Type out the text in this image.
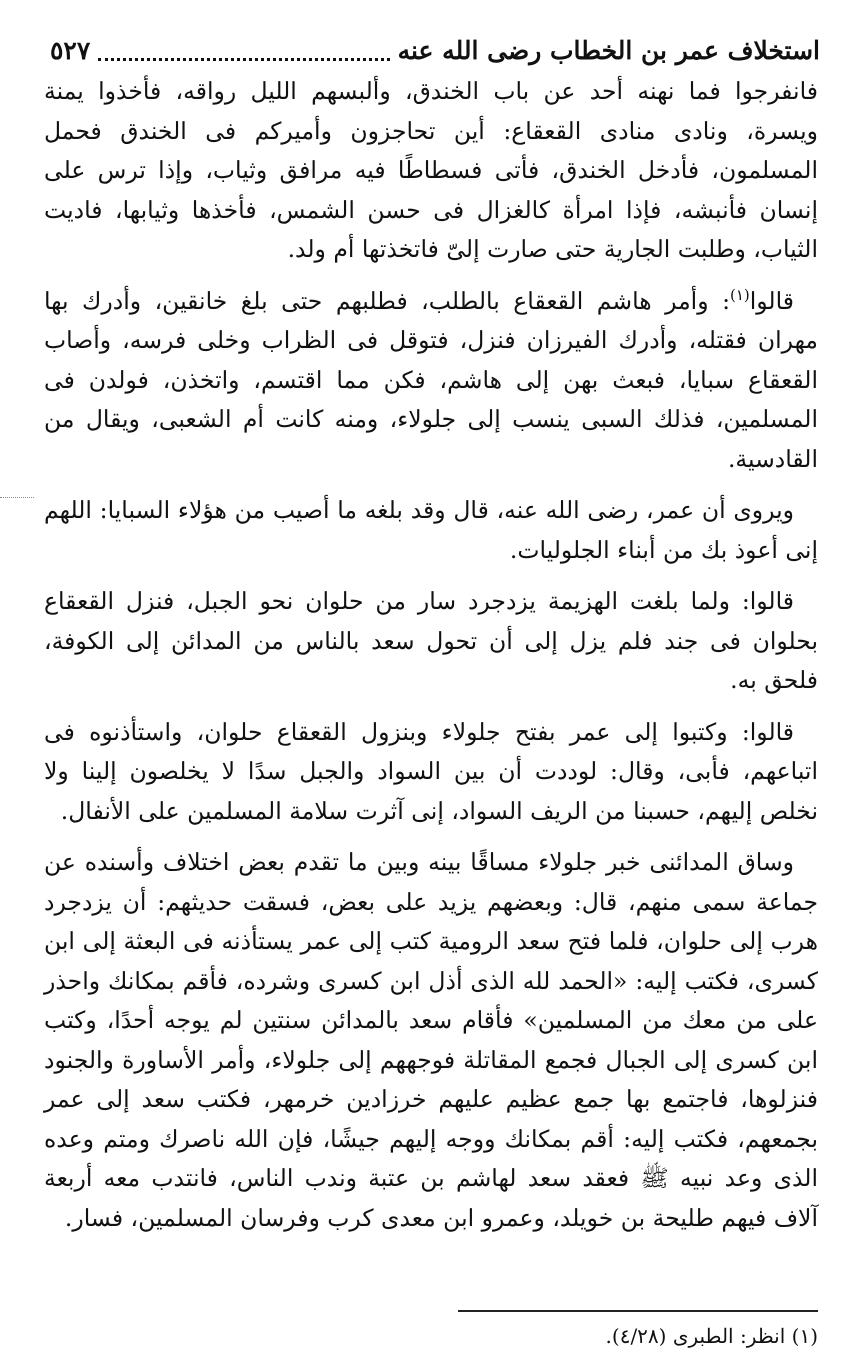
استخلاف عمر بن الخطاب رضى الله عنه
٥٢٧

فانفرجوا فما نهنه أحد عن باب الخندق، وألبسهم الليل رواقه، فأخذوا يمنة ويسرة، ونادى منادى القعقاع: أين تحاجزون وأميركم فى الخندق فحمل المسلمون، فأدخل الخندق، فأتى فسطاطًا فيه مرافق وثياب، وإذا ترس على إنسان فأنبشه، فإذا امرأة كالغزال فى حسن الشمس، فأخذها وثيابها، فاديت الثياب، وطلبت الجارية حتى صارت إلىّ فاتخذتها أم ولد.

قالوا$^{(١)}$: وأمر هاشم القعقاع بالطلب، فطلبهم حتى بلغ خانقين، وأدرك بها مهران فقتله، وأدرك الفيرزان فنزل، فتوقل فى الظراب وخلى فرسه، وأصاب القعقاع سبايا، فبعث بهن إلى هاشم، فكن مما اقتسم، واتخذن، فولدن فى المسلمين، فذلك السبى ينسب إلى جلولاء، ومنه كانت أم الشعبى، ويقال من القادسية.

ويروى أن عمر، رضى الله عنه، قال وقد بلغه ما أصيب من هؤلاء السبايا: اللهم إنى أعوذ بك من أبناء الجلوليات.

قالوا: ولما بلغت الهزيمة يزدجرد سار من حلوان نحو الجبل، فنزل القعقاع بحلوان فى جند فلم يزل إلى أن تحول سعد بالناس من المدائن إلى الكوفة، فلحق به.

قالوا: وكتبوا إلى عمر بفتح جلولاء وبنزول القعقاع حلوان، واستأذنوه فى اتباعهم، فأبى، وقال: لوددت أن بين السواد والجبل سدًا لا يخلصون إلينا ولا نخلص إليهم، حسبنا من الريف السواد، إنى آثرت سلامة المسلمين على الأنفال.

وساق المدائنى خبر جلولاء مساقًا بينه وبين ما تقدم بعض اختلاف وأسنده عن جماعة سمى منهم، قال: وبعضهم يزيد على بعض، فسقت حديثهم: أن يزدجرد هرب إلى حلوان، فلما فتح سعد الرومية كتب إلى عمر يستأذنه فى البعثة إلى ابن كسرى، فكتب إليه: «الحمد لله الذى أذل ابن كسرى وشرده، فأقم بمكانك واحذر على من معك من المسلمين» فأقام سعد بالمدائن سنتين لم يوجه أحدًا، وكتب ابن كسرى إلى الجبال فجمع المقاتلة فوجههم إلى جلولاء، وأمر الأساورة والجنود فنزلوها، فاجتمع بها جمع عظيم عليهم خرزادين خرمهر، فكتب سعد إلى عمر بجمعهم، فكتب إليه: أقم بمكانك ووجه إليهم جيشًا، فإن الله ناصرك ومتم وعده الذى وعد نبيه ﷺ فعقد سعد لهاشم بن عتبة وندب الناس، فانتدب معه أربعة آلاف فيهم طليحة بن خويلد، وعمرو ابن معدى كرب وفرسان المسلمين، فسار.

(١) انظر: الطبرى (٤/٢٨).
